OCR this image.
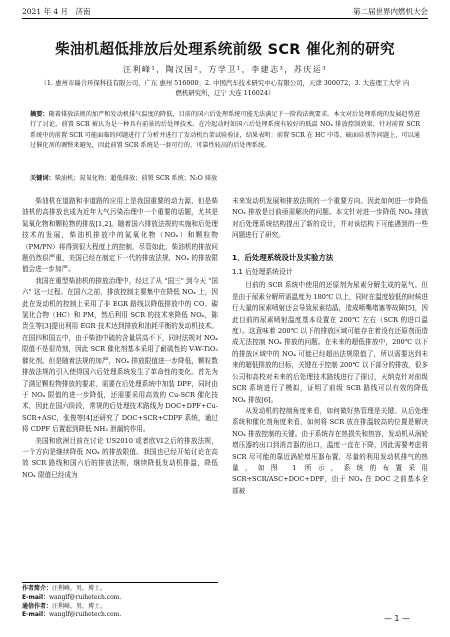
2021 年 4 月　济南	第二届世界内燃机大会
柴油机超低排放后处理系统前级 SCR 催化剂的研究
汪利峰¹，陶汉国²，方学卫¹，李建志³，苏庆运³
（1. 惠州市瑞合环保科技有限公司，广东 惠州 516000；2. 中国汽车技术研究中心有限公司，天津 300072；3. 大连理工大学 内燃机研究所，辽宁 大连 116024）
摘要：随着排放法规的加严和发动机排气温度的降低，目前的国六后处理系统可能无法满足下一阶段法规要求。本文对后处理系统的发展趋势进行了讨论，前置 SCR 被认为是一种具有前景的后处理技术。在冷起动时如国六后处理系统有较好的低温 NOₓ 排放控制效果，针对前置 SCR 系统中的前置 SCR 可能面临的问题进行了分析并进行了发动机台架试验验证，结果表明：前置 SCR 在 HC 中毒、硫面硅基等问题上，可以通过催化剂的调整来避免，因此前置 SCR 系统是一套可行的、可靠性较高的后处理系统。
关键词：柴油机；氮氧化物；超低排放；前置 SCR 系统；N₂O 排放

柴油机在道路和非道路的应用上是我国重要的动力源，但是柴油机的高排放也成为近年大气污染治理中一个重要的话题，尤其是氮氧化物和颗粒物的排放[1,2]。随着国六排放法规的实施和后处理技术的发展，柴油机排放中的氮氧化物（NOₓ）和颗粒物（PM/PN）将得到很大程度上的控制，尽管如此，柴油机的排放问题仍然很严重，美国已经在制定下一代的排放法规，NOₓ 的排放限值会进一步加严。

我国在重型柴油机的排放治理中，经过了从 "国三" 到今天 "国六" 这一过程。在国六之前，排放控制主要集中在降低 NOₓ 上，因此在发动机的控制上采用了非 EGR 路线以降低排放中的 CO、碳氢化合物（HC）和 PM，然后利用 SCR 的技术来降低 NOₓ，陈贵生等[3]提出利用 EGR 技术达到排放和油耗平衡的发动机技术。在国四和国五中，由于柴油中硫的含量居高不下，同时法规对 NOₓ 限值不是很苛刻，因此 SCR 催化剂基本采用了耐硫性的 V-W-TiO₂ 催化剂。但是随着法规的加严，NOₓ 排放限值进一步降低，颗粒数排放法规的引入使得国六后处理系统发生了革命性的变化。首先为了满足颗粒物排放的要求，需要在后处理系统中加装 DPF，同时由于 NOₓ 限值的进一步降低，还需要采用高效的 Cu-SCR 催化技术，因此在国六阶段，常规的后处理技术路线为 DOC+DPF+Cu-SCR+ASC，张俊等[4]还研究了 DOC+SCR+CDPF 系统，通过将 CDPF 后置起到降低 NH₃ 泄漏的作用。

美国和欧洲目前在讨论 US2010 或者欧VI之后的排放法规，一个方向是继续降低 NOₓ 的排放限值。我国也已经开始讨论在高效 SCR 路线和国六后的排放法规，继续降低发动机排温，降低 NOₓ 限值已经成为

未来发动机发展和排放法规的一个重要方向。因此如何进一步降低 NOₓ 排放是目前亟需解决的问题。本文针对进一步降低 NOₓ 排放对后处理系统结构提出了新的设计，并对该结构下可能遇到的一些问题进行了研究。

1．后处理系统设计及实验方法
1.1 后处理系统设计

目前的 SCR 系统中使用的还原剂为尿素分解生成的氨气。但是由于尿素分解所需温度为 180℃ 以上，同时在温度较低的时候进行大量的尿素喷射还会导致尿素结晶，造成喷嘴堵塞等故障[5]，因此目前的尿素喷射温度基本设置在 200℃ 左右（SCR 的进口温度）。这意味着 200℃ 以下的排放区域可能存在着没有还原剂而造成无法控制 NOₓ 排放的问题。在未来的超低排放中，200℃ 以下的排放区域中的 NOₓ 可能已经超出法规限值了，所以需要达到未来的超低排放的目标，关键在于控制 200℃ 以下部分的排放，很多公司和高校对未来的后处理技术路线进行了探讨，天纳克针对前级 SCR 系统进行了模拟，证明了前级 SCR 路线可以有效的降低 NOₓ 排放[6]。

从发动机的控制角度来看，如何做好热管理是关键。从后处理系统和催化剂角度来看，如何将 SCR 放在排温较高的位置是解决 NOₓ 排放控制的关键。由于系统存在热损失和热容，发动机从涡轮增压器的出口到消音器的出口，温度一直在下降，因此需要考虑将 SCR 尽可能的靠近涡轮增压器布置，尽量的利用发动机排气的热量，如图 1 所示，系统的布置采用 SCR+SCR/ASC+DOC+DPF，由于 NOₓ 在 DOC 之前基本全部被

作者简介：汪利峰，男，博士。
E-mail：wanglf@ruihetech.com.
通信作者：汪利峰，男，博士。
E-mail：wanglf@ruihetech.com.	— 1 —
